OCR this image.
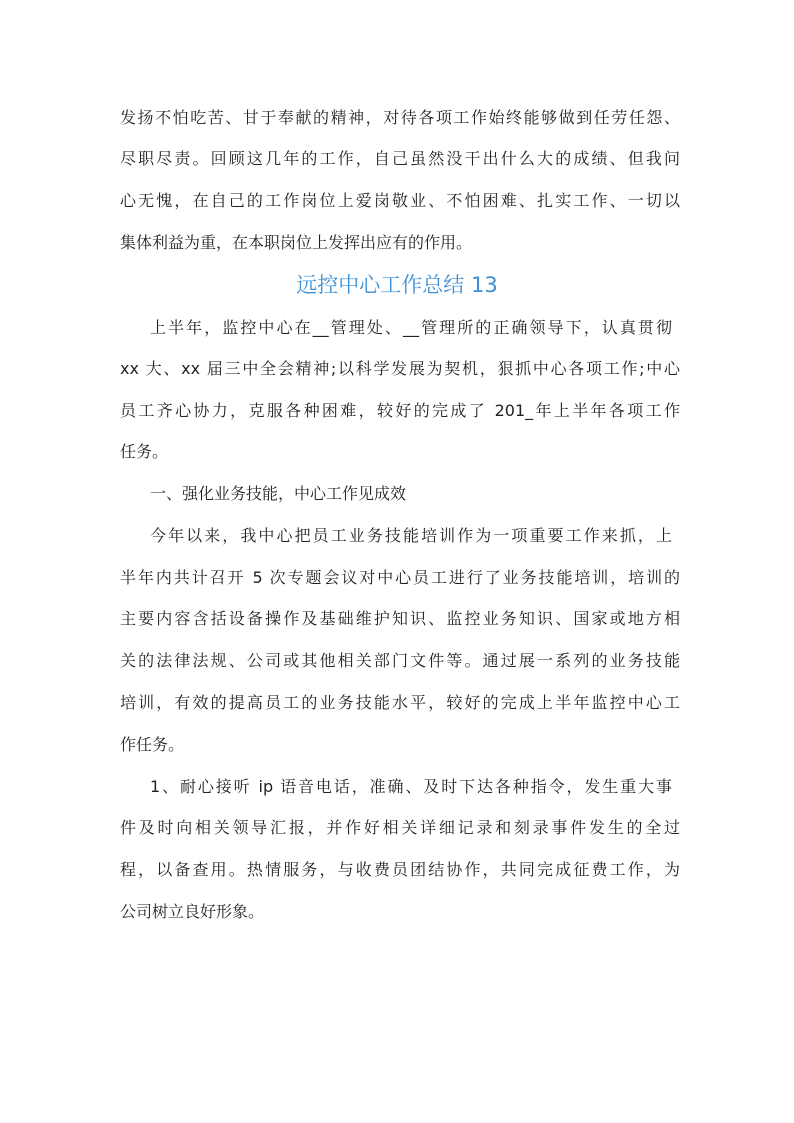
发扬不怕吃苦、甘于奉献的精神，对待各项工作始终能够做到任劳任怨、
尽职尽责。回顾这几年的工作，自己虽然没干出什么大的成绩、但我问
心无愧，在自己的工作岗位上爱岗敬业、不怕困难、扎实工作、一切以
集体利益为重，在本职岗位上发挥出应有的作用。
远控中心工作总结 13
上半年，监控中心在__管理处、__管理所的正确领导下，认真贯彻
xx 大、xx 届三中全会精神;以科学发展为契机，狠抓中心各项工作;中心
员工齐心协力，克服各种困难，较好的完成了 201_年上半年各项工作
任务。
一、强化业务技能，中心工作见成效
今年以来，我中心把员工业务技能培训作为一项重要工作来抓，上
半年内共计召开 5 次专题会议对中心员工进行了业务技能培训，培训的
主要内容含括设备操作及基础维护知识、监控业务知识、国家或地方相
关的法律法规、公司或其他相关部门文件等。通过展一系列的业务技能
培训，有效的提高员工的业务技能水平，较好的完成上半年监控中心工
作任务。
1、耐心接听 ip 语音电话，准确、及时下达各种指令，发生重大事
件及时向相关领导汇报，并作好相关详细记录和刻录事件发生的全过
程，以备查用。热情服务，与收费员团结协作，共同完成征费工作，为
公司树立良好形象。
